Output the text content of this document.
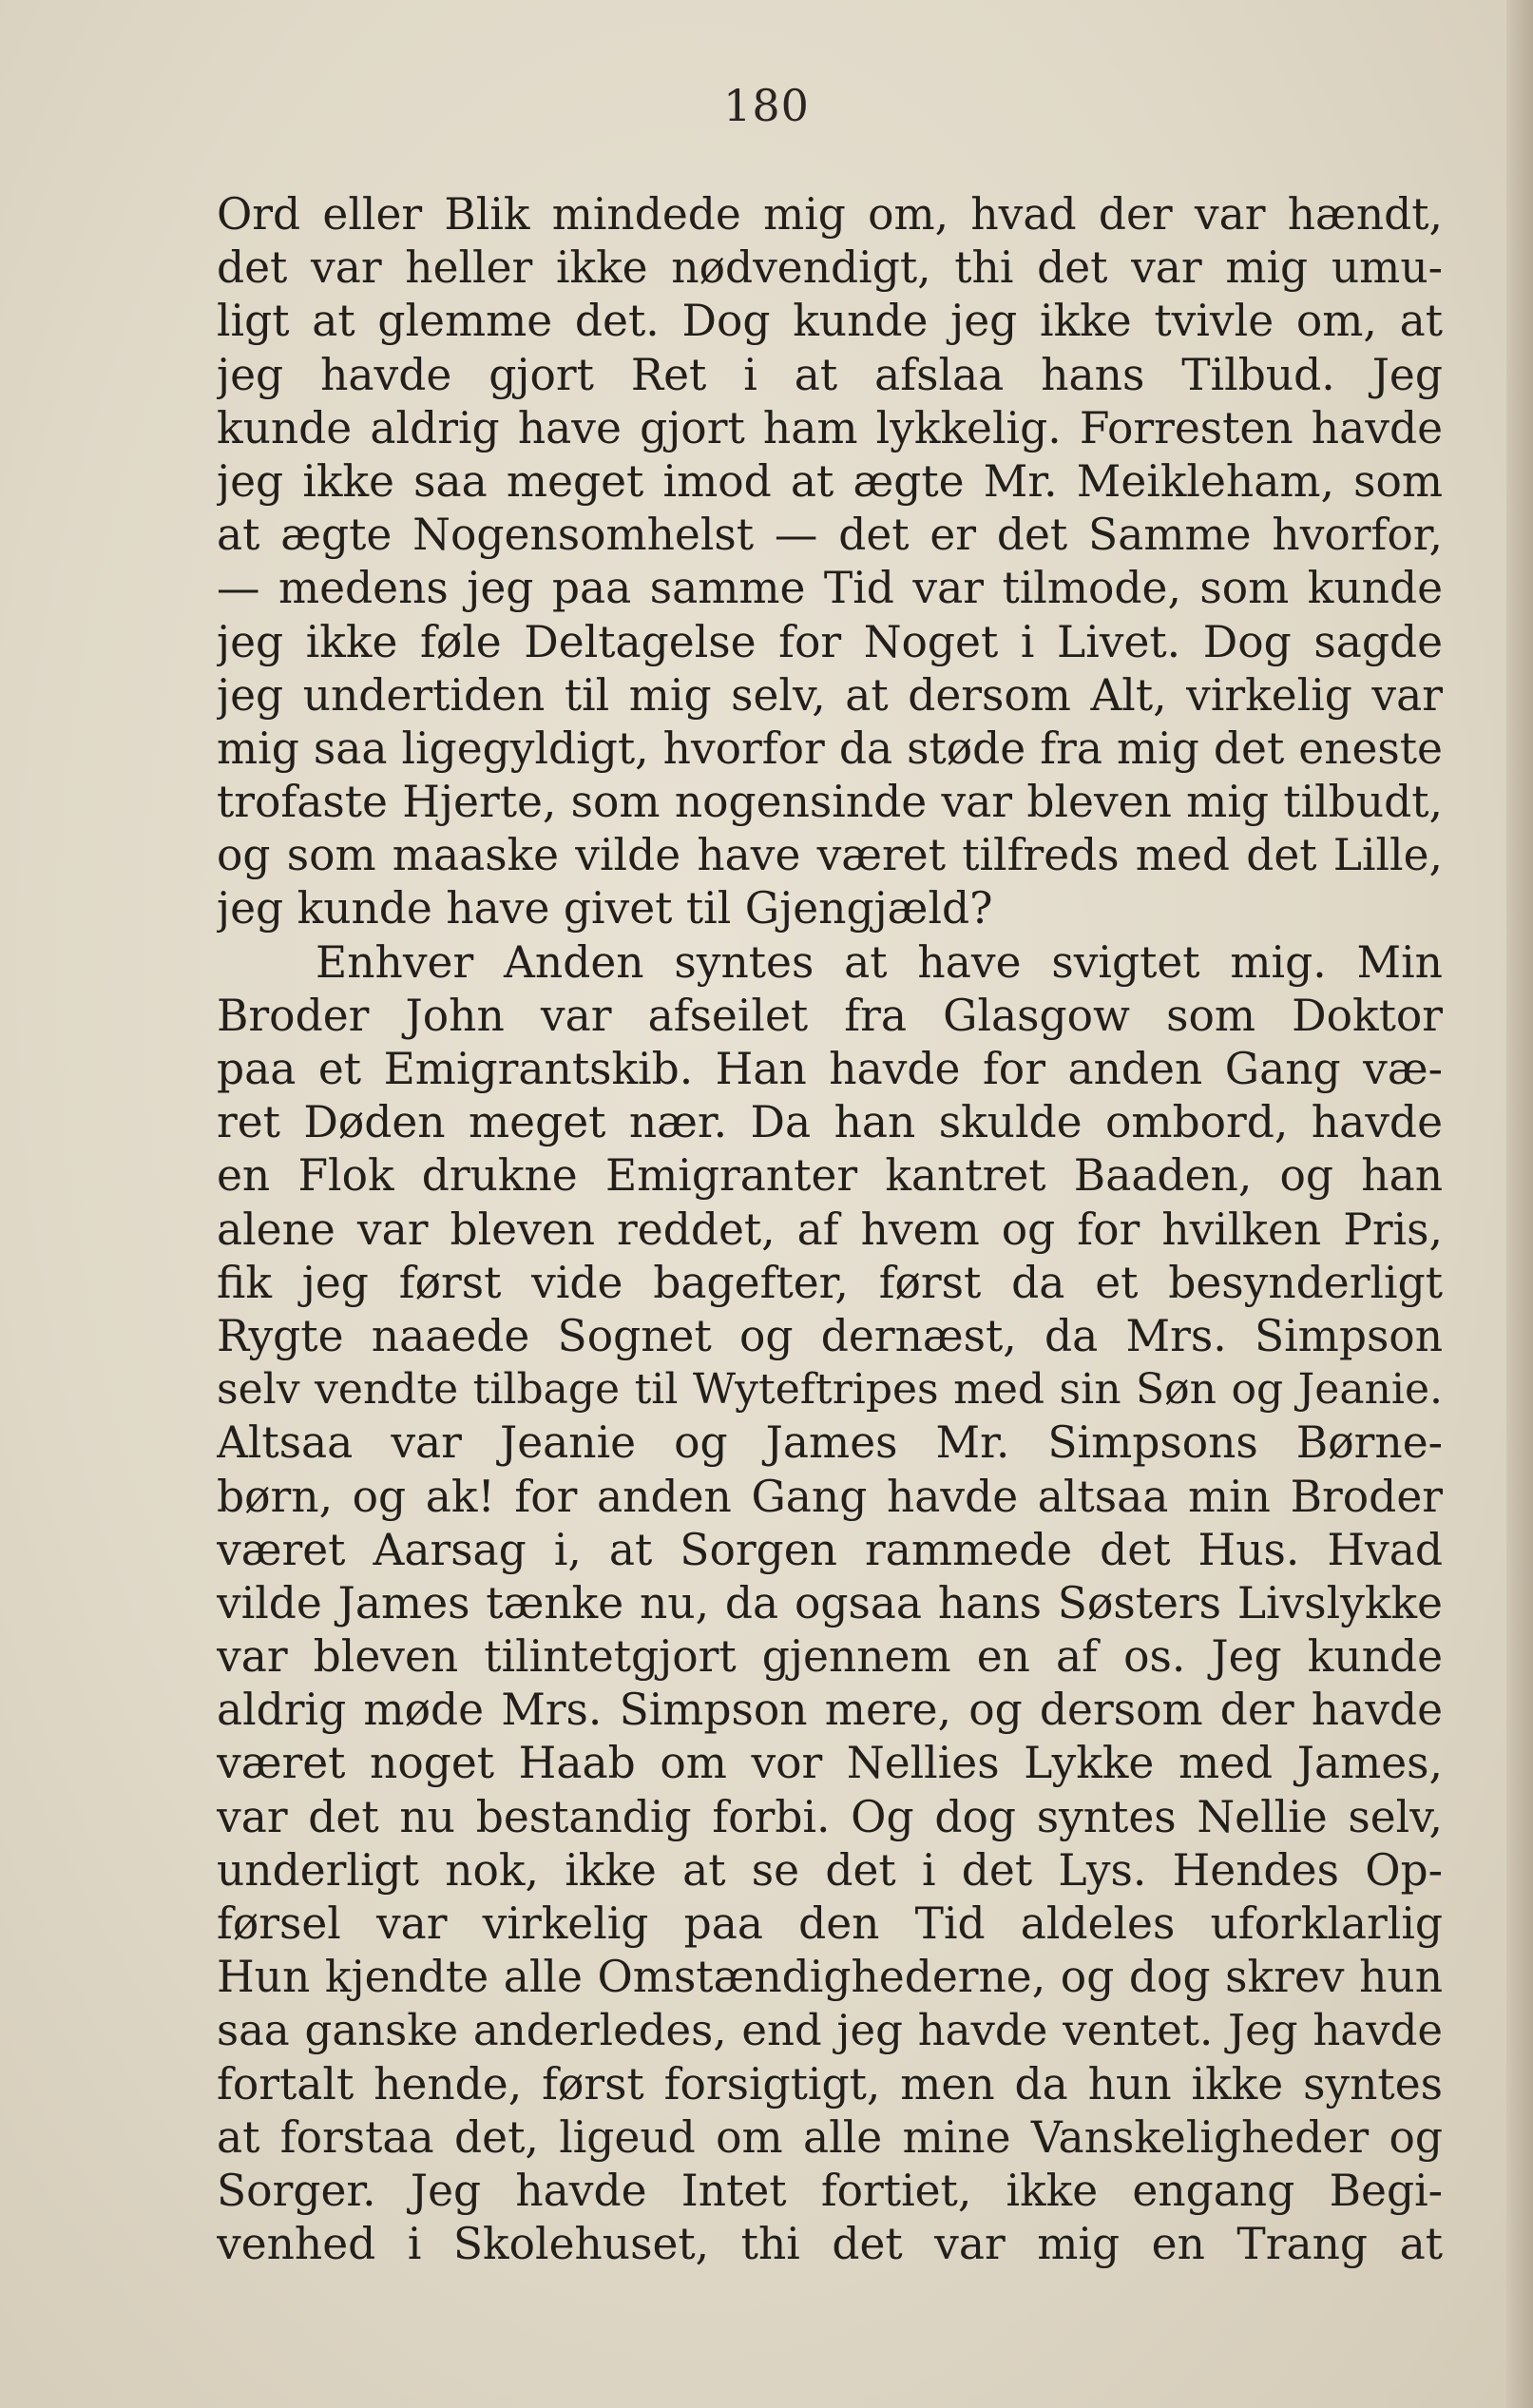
180
Ord eller Blik mindede mig om, hvad der var hændt,
det var heller ikke nødvendigt, thi det var mig umu-
ligt at glemme det. Dog kunde jeg ikke tvivle om, at
jeg havde gjort Ret i at afslaa hans Tilbud. Jeg
kunde aldrig have gjort ham lykkelig. Forresten havde
jeg ikke saa meget imod at ægte Mr. Meikleham, som
at ægte Nogensomhelst — det er det Samme hvorfor,
— medens jeg paa samme Tid var tilmode, som kunde
jeg ikke føle Deltagelse for Noget i Livet. Dog sagde
jeg undertiden til mig selv, at dersom Alt, virkelig var
mig saa ligegyldigt, hvorfor da støde fra mig det eneste
trofaste Hjerte, som nogensinde var bleven mig tilbudt,
og som maaske vilde have været tilfreds med det Lille,
jeg kunde have givet til Gjengjæld?
Enhver Anden syntes at have svigtet mig. Min
Broder John var afseilet fra Glasgow som Doktor
paa et Emigrantskib. Han havde for anden Gang væ-
ret Døden meget nær. Da han skulde ombord, havde
en Flok drukne Emigranter kantret Baaden, og han
alene var bleven reddet, af hvem og for hvilken Pris,
fik jeg først vide bagefter, først da et besynderligt
Rygte naaede Sognet og dernæst, da Mrs. Simpson
selv vendte tilbage til Wyteftripes med sin Søn og Jeanie.
Altsaa var Jeanie og James Mr. Simpsons Børne-
børn, og ak! for anden Gang havde altsaa min Broder
været Aarsag i, at Sorgen rammede det Hus. Hvad
vilde James tænke nu, da ogsaa hans Søsters Livslykke
var bleven tilintetgjort gjennem en af os. Jeg kunde
aldrig møde Mrs. Simpson mere, og dersom der havde
været noget Haab om vor Nellies Lykke med James,
var det nu bestandig forbi. Og dog syntes Nellie selv,
underligt nok, ikke at se det i det Lys. Hendes Op-
førsel var virkelig paa den Tid aldeles uforklarlig
Hun kjendte alle Omstændighederne, og dog skrev hun
saa ganske anderledes, end jeg havde ventet. Jeg havde
fortalt hende, først forsigtigt, men da hun ikke syntes
at forstaa det, ligeud om alle mine Vanskeligheder og
Sorger. Jeg havde Intet fortiet, ikke engang Begi-
venhed i Skolehuset, thi det var mig en Trang at
